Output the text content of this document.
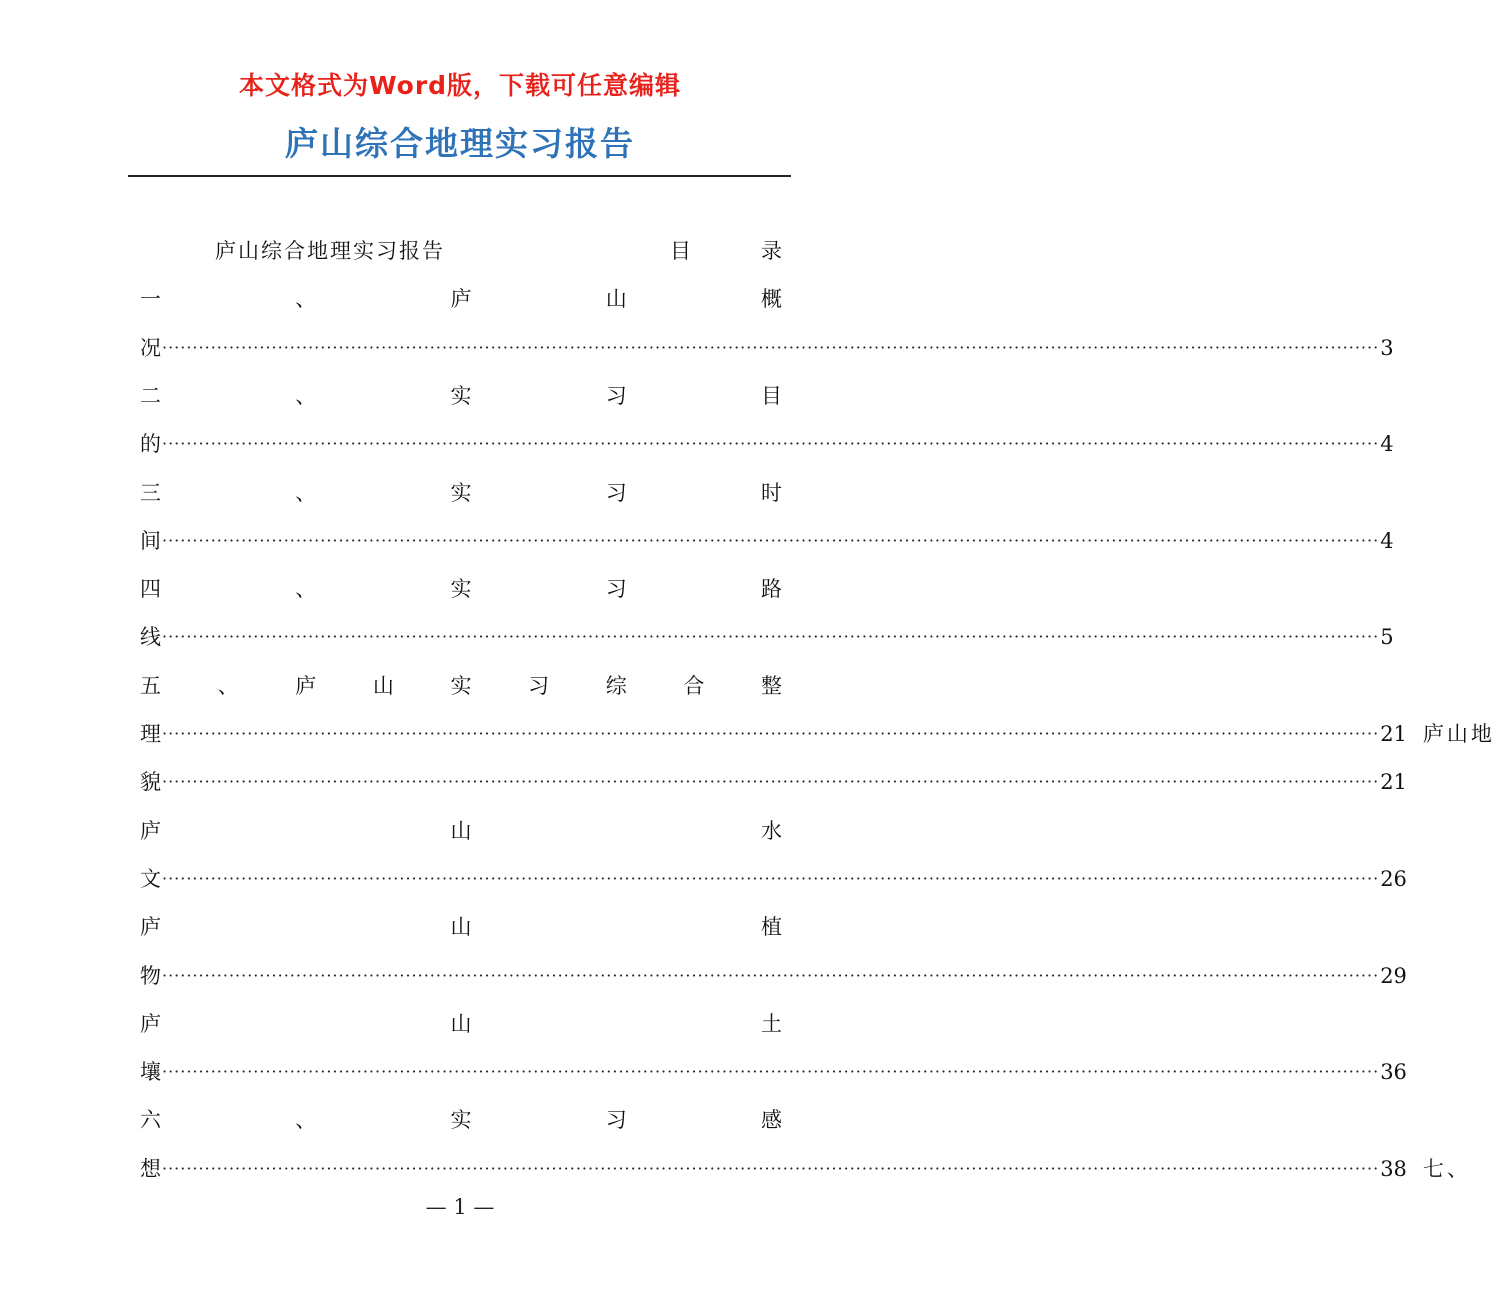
本文格式为Word版，下载可任意编辑
庐山综合地理实习报告
庐山综合地理实习报告	目	录
一	、	庐	山	概
况 ········································································································································································································ 3
二	、	实	习	目
的 ········································································································································································································ 4
三	、	实	习	时
间 ········································································································································································································ 4
四	、	实	习	路
线 ········································································································································································································ 5
五	、	庐	山	实	习	综	合	整
理 ········································································································································································································ 21 庐山地
貌 ········································································································································································································ 21
庐	山	水
文 ········································································································································································································ 26
庐	山	植
物 ········································································································································································································ 29
庐	山	土
壤 ········································································································································································································ 36
六	、	实	习	感
想 ········································································································································································································ 38 七、
— 1 —
